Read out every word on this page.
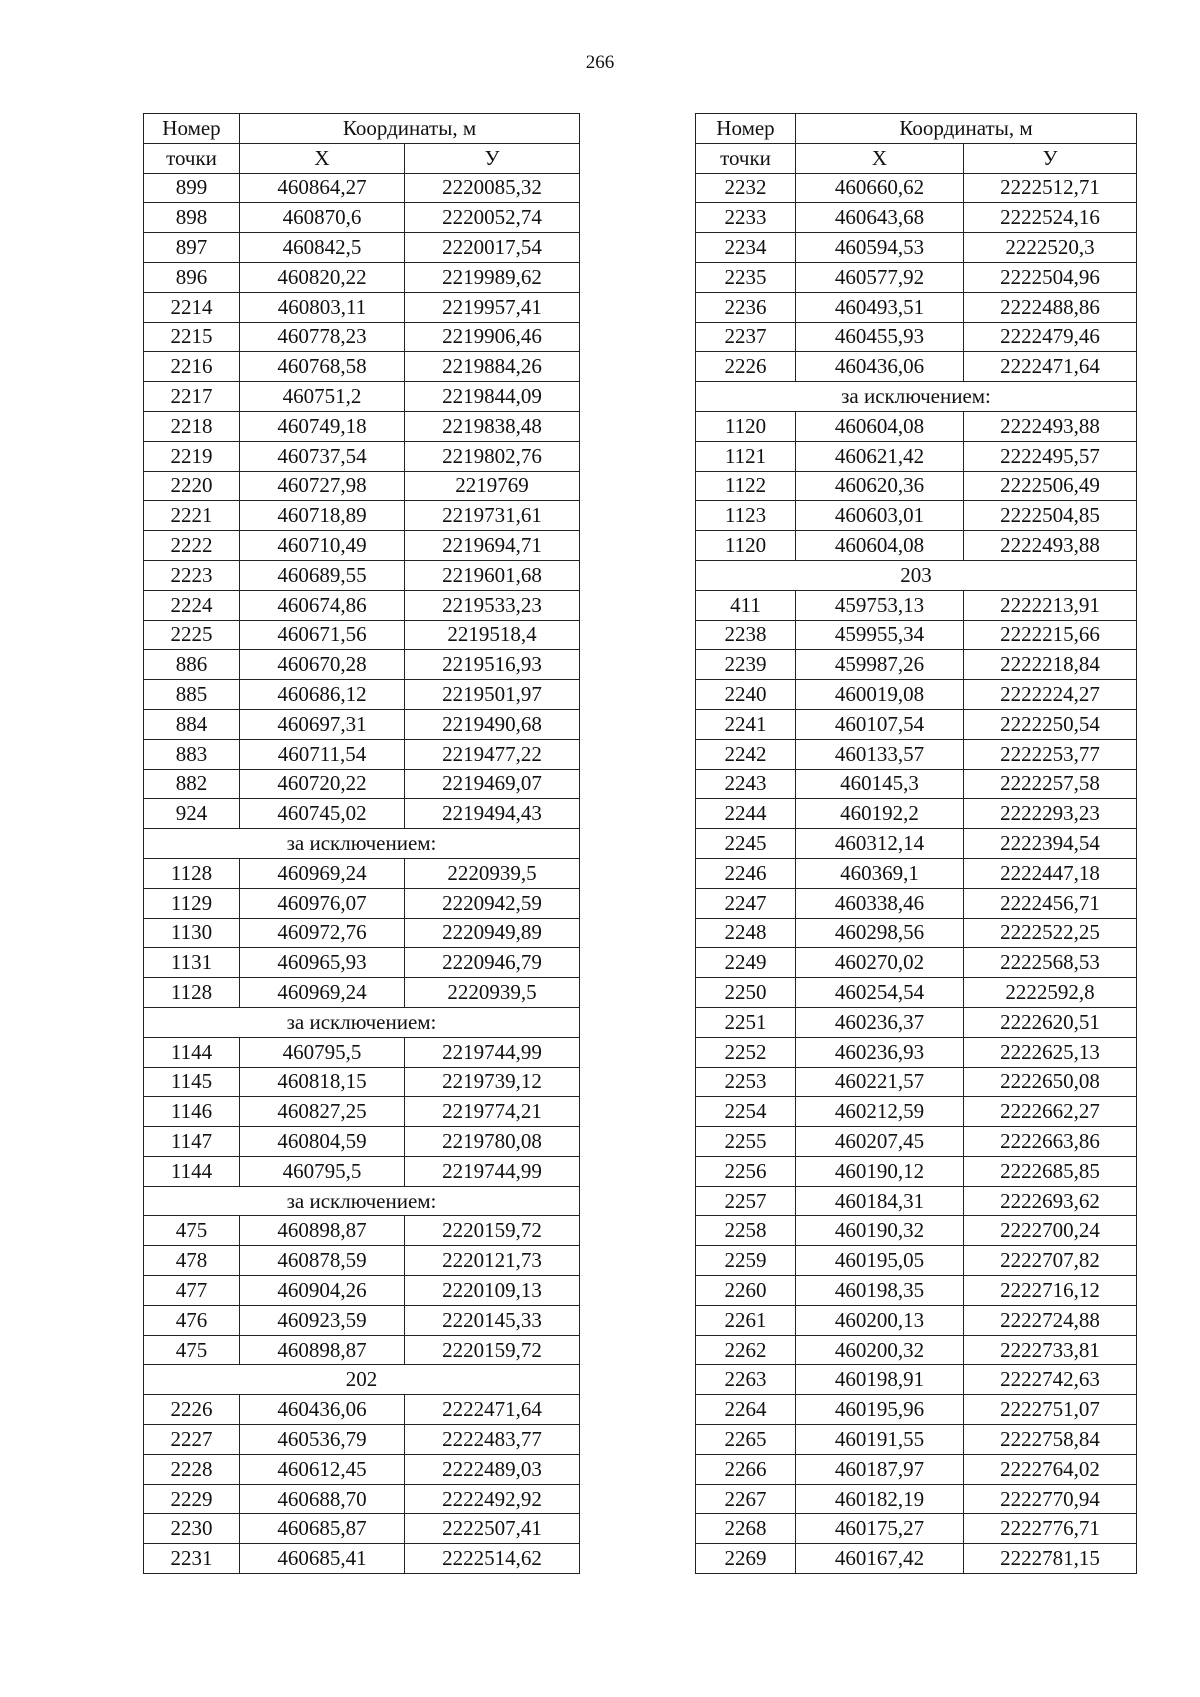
266
Номер	Координаты, м	
точки	X	У
899	460864,27	2220085,32
898	460870,6	2220052,74
897	460842,5	2220017,54
896	460820,22	2219989,62
2214	460803,11	2219957,41
2215	460778,23	2219906,46
2216	460768,58	2219884,26
2217	460751,2	2219844,09
2218	460749,18	2219838,48
2219	460737,54	2219802,76
2220	460727,98	2219769
2221	460718,89	2219731,61
2222	460710,49	2219694,71
2223	460689,55	2219601,68
2224	460674,86	2219533,23
2225	460671,56	2219518,4
886	460670,28	2219516,93
885	460686,12	2219501,97
884	460697,31	2219490,68
883	460711,54	2219477,22
882	460720,22	2219469,07
924	460745,02	2219494,43
за исключением:		
1128	460969,24	2220939,5
1129	460976,07	2220942,59
1130	460972,76	2220949,89
1131	460965,93	2220946,79
1128	460969,24	2220939,5
за исключением:		
1144	460795,5	2219744,99
1145	460818,15	2219739,12
1146	460827,25	2219774,21
1147	460804,59	2219780,08
1144	460795,5	2219744,99
за исключением:		
475	460898,87	2220159,72
478	460878,59	2220121,73
477	460904,26	2220109,13
476	460923,59	2220145,33
475	460898,87	2220159,72
202		
2226	460436,06	2222471,64
2227	460536,79	2222483,77
2228	460612,45	2222489,03
2229	460688,70	2222492,92
2230	460685,87	2222507,41
2231	460685,41	2222514,62
Номер	Координаты, м	
точки	X	У
2232	460660,62	2222512,71
2233	460643,68	2222524,16
2234	460594,53	2222520,3
2235	460577,92	2222504,96
2236	460493,51	2222488,86
2237	460455,93	2222479,46
2226	460436,06	2222471,64
за исключением:		
1120	460604,08	2222493,88
1121	460621,42	2222495,57
1122	460620,36	2222506,49
1123	460603,01	2222504,85
1120	460604,08	2222493,88
203		
411	459753,13	2222213,91
2238	459955,34	2222215,66
2239	459987,26	2222218,84
2240	460019,08	2222224,27
2241	460107,54	2222250,54
2242	460133,57	2222253,77
2243	460145,3	2222257,58
2244	460192,2	2222293,23
2245	460312,14	2222394,54
2246	460369,1	2222447,18
2247	460338,46	2222456,71
2248	460298,56	2222522,25
2249	460270,02	2222568,53
2250	460254,54	2222592,8
2251	460236,37	2222620,51
2252	460236,93	2222625,13
2253	460221,57	2222650,08
2254	460212,59	2222662,27
2255	460207,45	2222663,86
2256	460190,12	2222685,85
2257	460184,31	2222693,62
2258	460190,32	2222700,24
2259	460195,05	2222707,82
2260	460198,35	2222716,12
2261	460200,13	2222724,88
2262	460200,32	2222733,81
2263	460198,91	2222742,63
2264	460195,96	2222751,07
2265	460191,55	2222758,84
2266	460187,97	2222764,02
2267	460182,19	2222770,94
2268	460175,27	2222776,71
2269	460167,42	2222781,15
